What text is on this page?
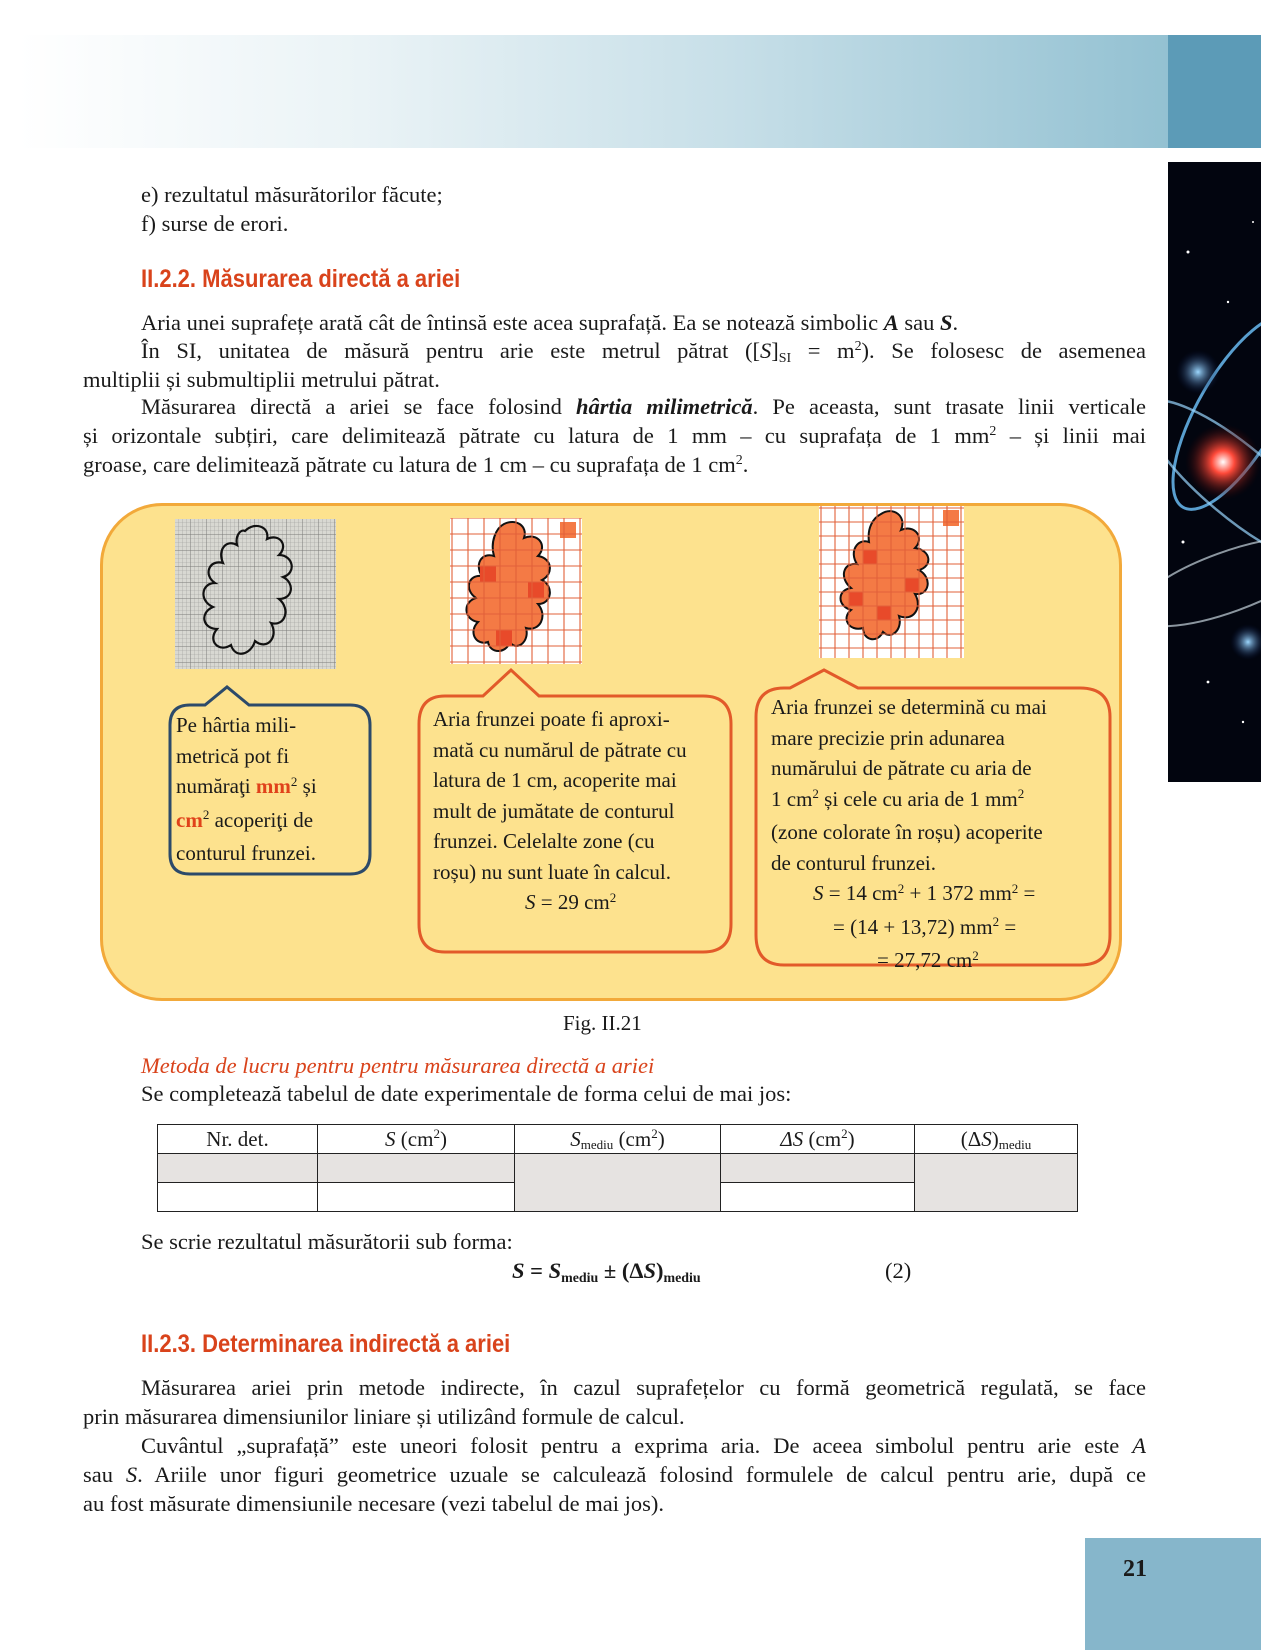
e) rezultatul măsurătorilor făcute;
f) surse de erori.
II.2.2. Măsurarea directă a ariei
Aria unei suprafețe arată cât de întinsă este acea suprafață. Ea se notează simbolic A sau S.
În SI, unitatea de măsură pentru arie este metrul pătrat $([S]_{SI} = m^2)$. Se folosesc de asemenea
multiplii și submultiplii metrului pătrat.
Măsurarea directă a ariei se face folosind hârtia milimetrică. Pe aceasta, sunt trasate linii verticale
și orizontale subțiri, care delimitează pătrate cu latura de 1 mm – cu suprafața de 1 $mm^2$ – și linii mai
groase, care delimitează pătrate cu latura de 1 cm – cu suprafața de 1 $cm^2$.
Pe hârtia mili-
metrică pot fi
număraţi $mm^2$ și
$cm^2$ acoperiţi de
conturul frunzei.
Aria frunzei poate fi aproxi-
mată cu numărul de pătrate cu
latura de 1 cm, acoperite mai
mult de jumătate de conturul
frunzei. Celelalte zone (cu
roșu) nu sunt luate în calcul.
S = 29 $cm^2$
Aria frunzei se determină cu mai
mare precizie prin adunarea
numărului de pătrate cu aria de
1 $cm^2$ și cele cu aria de 1 $mm^2$
(zone colorate în roșu) acoperite
de conturul frunzei.
S = 14 $cm^2 + 1$ 372 $mm^2$ =
= (14 + 13,72) $mm^2$ =
= 27,72 $cm^2$
Fig. II.21
Metoda de lucru pentru pentru măsurarea directă a ariei
Se completează tabelul de date experimentale de forma celui de mai jos:
Nr. det.	S $(cm^2)$	$S_{mediu}$ $(cm^2)$	ΔS $(cm^2)$	$(\Delta S)_{mediu}$

Se scrie rezultatul măsurătorii sub forma:
$S = S_{mediu} \pm (\Delta S)_{mediu}$	(2)
II.2.3. Determinarea indirectă a ariei
Măsurarea ariei prin metode indirecte, în cazul suprafețelor cu formă geometrică regulată, se face
prin măsurarea dimensiunilor liniare și utilizând formule de calcul.
Cuvântul „suprafață” este uneori folosit pentru a exprima aria. De aceea simbolul pentru arie este A
sau S. Ariile unor figuri geometrice uzuale se calculează folosind formulele de calcul pentru arie, după ce
au fost măsurate dimensiunile necesare (vezi tabelul de mai jos).
21
